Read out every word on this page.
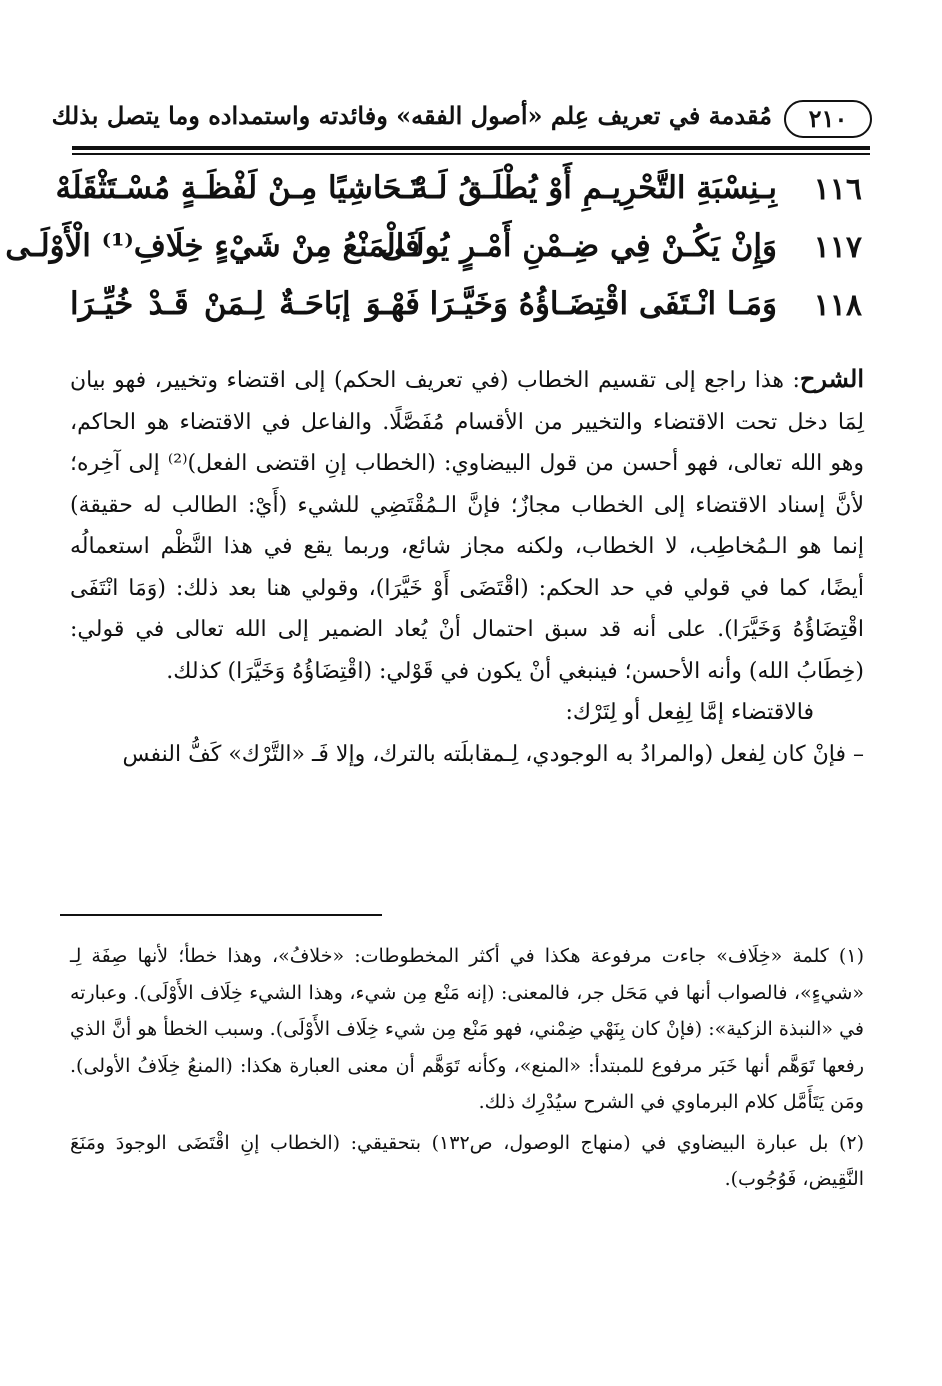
٢١٠
مُقدمة في تعريف عِلم «أصول الفقه» وفائدته واستمداده وما يتصل بذلك
١١٦
بِـنِسْبَةِ التَّحْرِيـمِ أَوْ يُطْلَـقُ لَـهْ
تَـحَاشِيًا مِـنْ لَفْظَـةٍ مُسْـتَثْقَلَهْ
١١٧
وَإِنْ يَكُـنْ فِي ضِـمْنِ أَمْـرٍ يُولَـى
فَالْمَنْعُ مِنْ شَيْءٍ خِلَافِ⁽¹⁾ الْأَوْلَـى
١١٨
وَمَـا انْـتَفَى اقْتِضَـاؤُهُ وَخَيَّـرَا
فَهْـوَ إبَاحَـةٌ لِـمَنْ قَـدْ خُيِّـرَا

الشرح: هذا راجع إلى تقسيم الخطاب (في تعريف الحكم) إلى اقتضاء وتخيير، فهو بيان لِمَا دخل تحت الاقتضاء والتخيير من الأقسام مُفَصَّلًا. والفاعل في الاقتضاء هو الحاكم، وهو الله تعالى، فهو أحسن من قول البيضاوي: (الخطاب إنِ اقتضى الفعل)⁽²⁾ إلى آخِره؛ لأنَّ إسناد الاقتضاء إلى الخطاب مجازٌ؛ فإنَّ الـمُقْتَضِي للشيء (أَيْ: الطالب له حقيقة) إنما هو الـمُخاطِب، لا الخطاب، ولكنه مجاز شائع، وربما يقع في هذا النَّظْم استعمالُه أيضًا، كما في قولي في حد الحكم: (اقْتَضَى أَوْ خَيَّرَا)، وقولي هنا بعد ذلك: (وَمَا انْتَفَى اقْتِضَاؤُهُ وَخَيَّرَا). على أنه قد سبق احتمال أنْ يُعاد الضمير إلى الله تعالى في قولي: (خِطَابُ الله) وأنه الأحسن؛ فينبغي أنْ يكون في قَوْلي: (اقْتِضَاؤُهُ وَخَيَّرَا) كذلك.

فالاقتضاء إمَّا لِفِعل أو لِتَرْك:

– فإنْ كان لِفعل (والمرادُ به الوجودي، لِـمقابلَته بالترك، وإلا فَـ «التَّرْك» كَفُّ النفس

(١) كلمة «خِلَاف» جاءت مرفوعة هكذا في أكثر المخطوطات: «خلافُ»، وهذا خطأ؛ لأنها صِفَة لِـ «شيءٍ»، فالصواب أنها في مَحَل جر، فالمعنى: (إنه مَنْع مِن شيء، وهذا الشيء خِلَاف الأَوْلَى). وعبارته في «النبذة الزكية»: (فإنْ كان بِنَهْي ضِمْني، فهو مَنْع مِن شيء خِلَاف الأَوْلَى). وسبب الخطأ هو أنَّ الذي رفعها تَوَهَّم أنها خَبَر مرفوع للمبتدأ: «المنع»، وكأنه تَوَهَّم أن معنى العبارة هكذا: (المنعُ خِلَافُ الأولى). ومَن يَتَأَمَّل كلام البرماوي في الشرح سيُدْرِك ذلك.

(٢) بل عبارة البيضاوي في (منهاج الوصول، ص١٣٢) بتحقيقي: (الخطاب إنِ اقْتَضَى الوجودَ ومَنَعَ النَّقِيض، فَوُجُوب).
